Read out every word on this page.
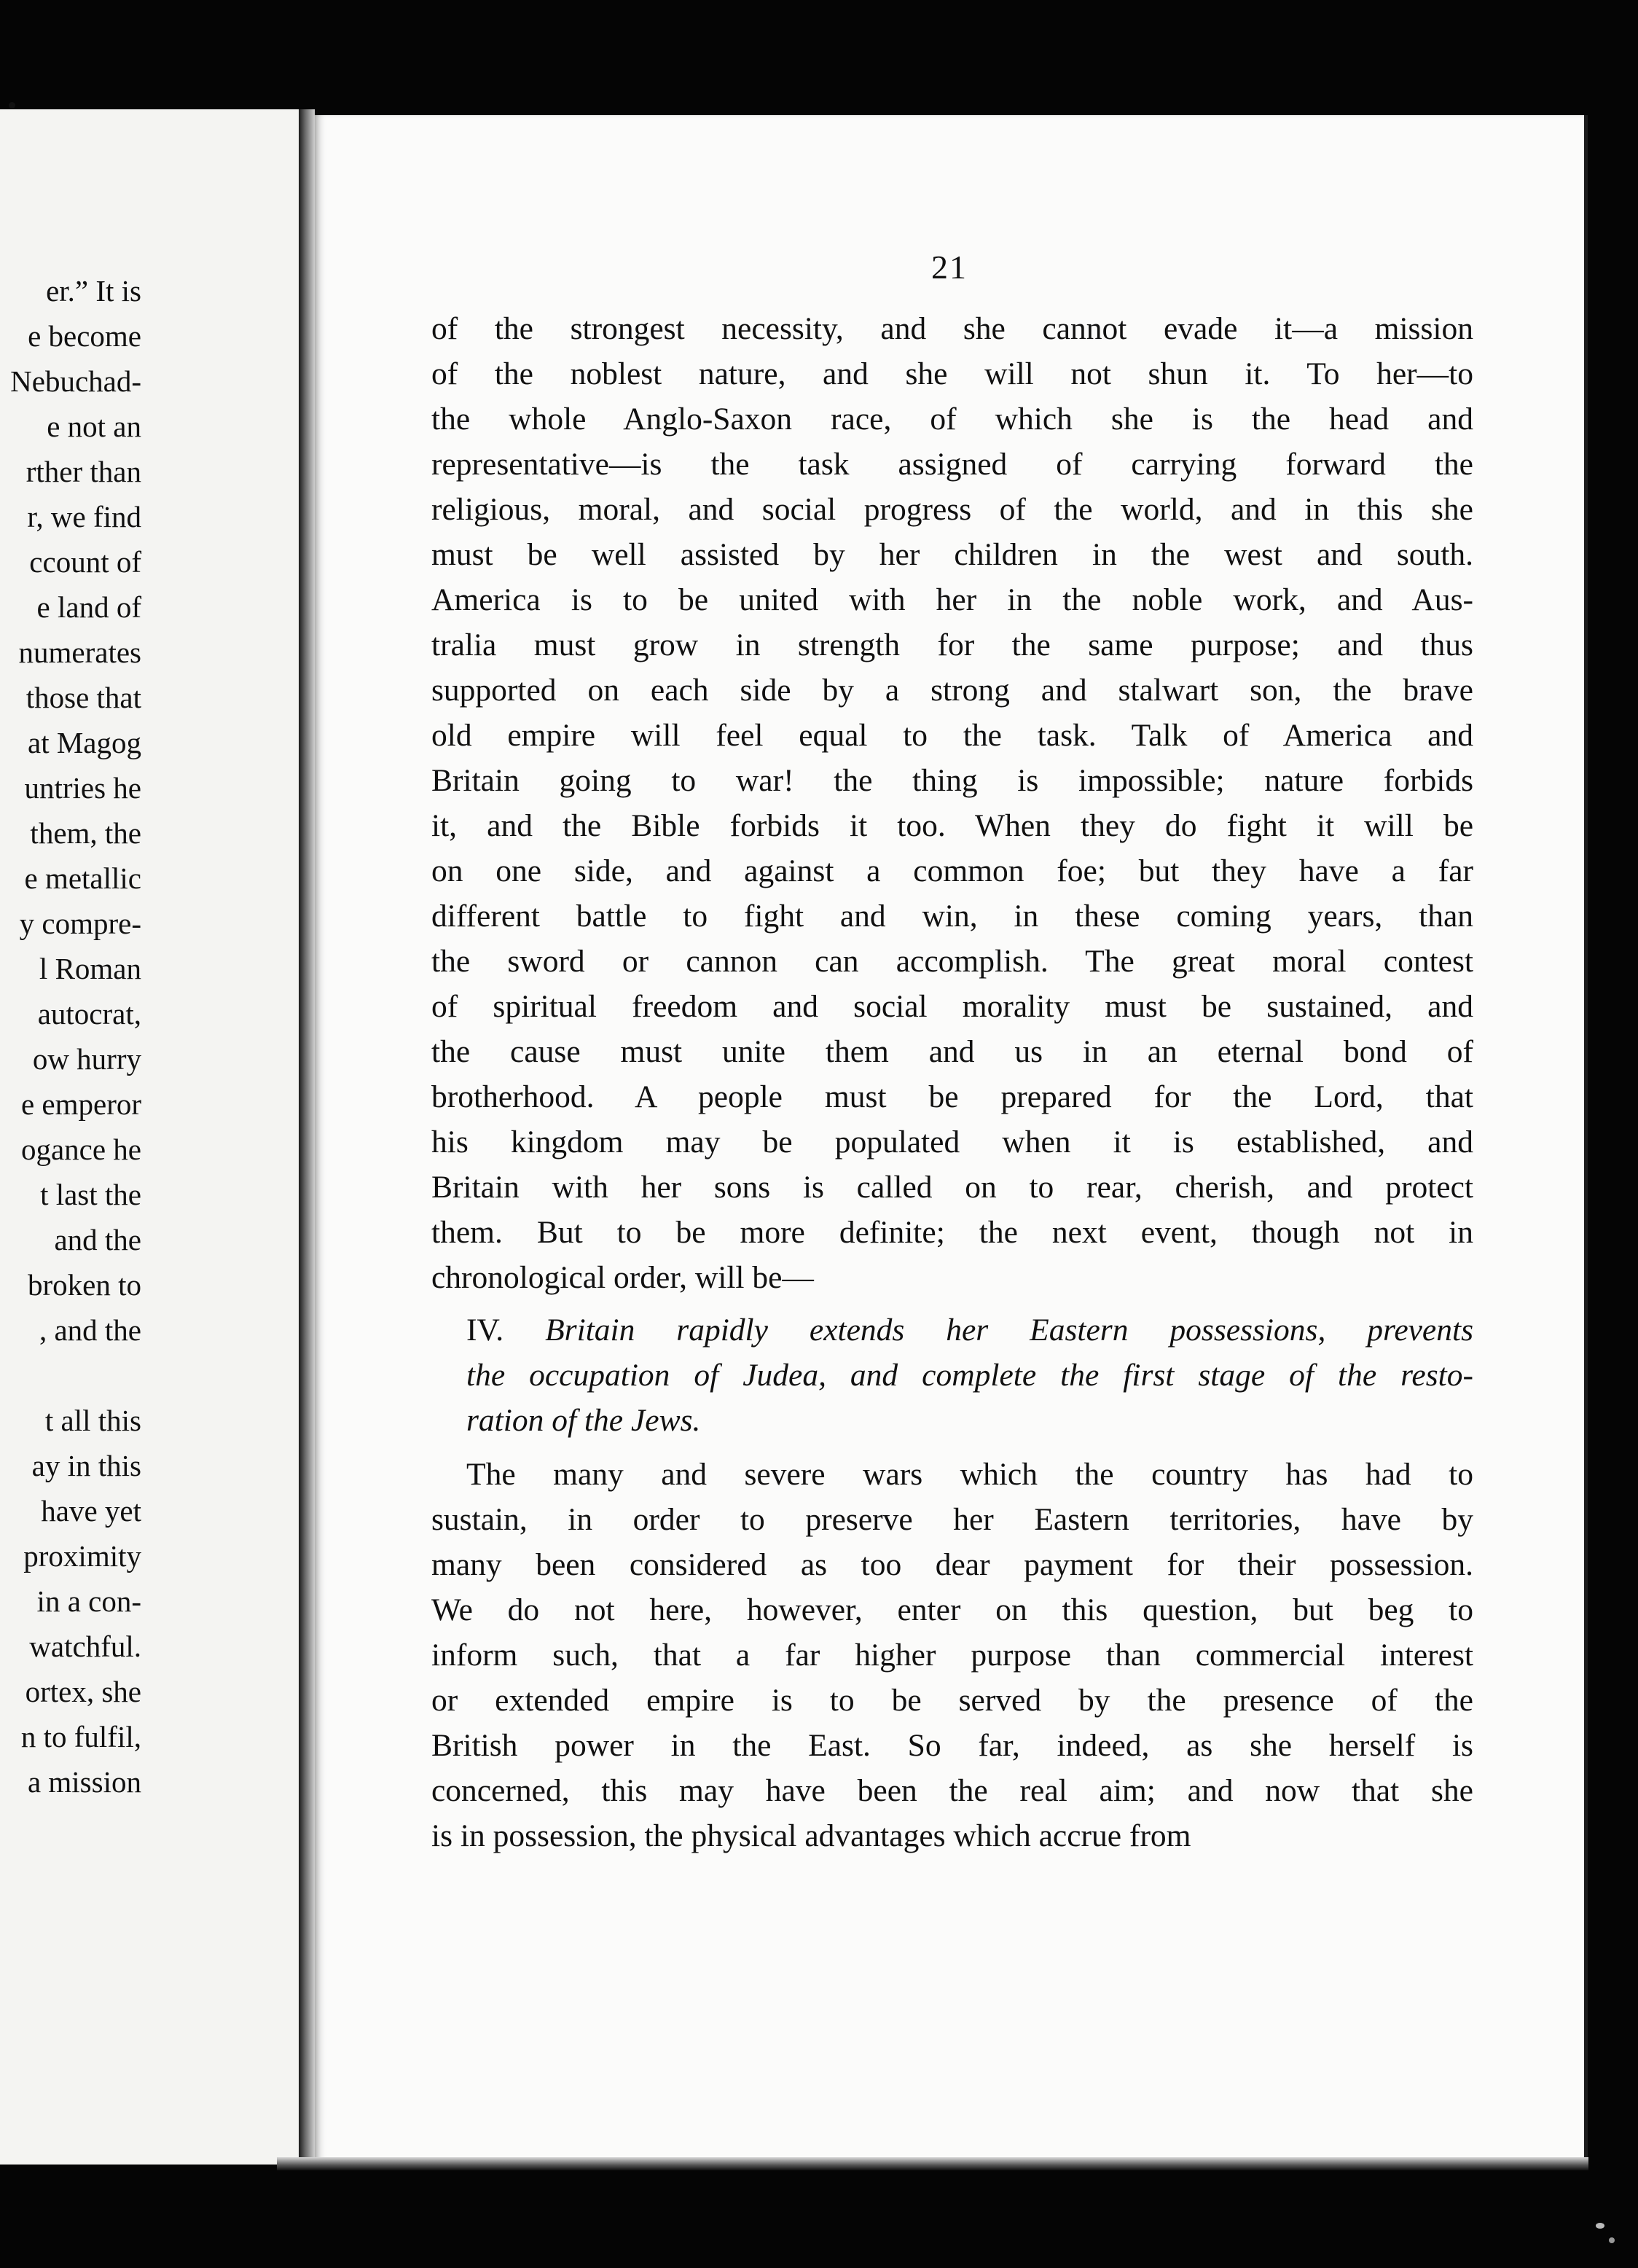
er.” It is
e become
Nebuchad-
e not an
rther than
r, we find
ccount of
e land of
numerates
those that
at Magog
untries he
them, the
e metallic
y compre-
l Roman
autocrat,
ow hurry
e emperor
ogance he
t last the
and the
broken to
, and the
t all this
ay in this
have yet
proximity
in a con-
watchful.
ortex, she
n to fulfil,
a mission
21

of the strongest necessity, and she cannot evade it—a mission
of the noblest nature, and she will not shun it. To her—to
the whole Anglo-Saxon race, of which she is the head and
representative—is the task assigned of carrying forward the
religious, moral, and social progress of the world, and in this she
must be well assisted by her children in the west and south.
America is to be united with her in the noble work, and Aus-
tralia must grow in strength for the same purpose; and thus
supported on each side by a strong and stalwart son, the brave
old empire will feel equal to the task. Talk of America and
Britain going to war! the thing is impossible; nature forbids
it, and the Bible forbids it too. When they do fight it will be
on one side, and against a common foe; but they have a far
different battle to fight and win, in these coming years, than
the sword or cannon can accomplish. The great moral contest
of spiritual freedom and social morality must be sustained, and
the cause must unite them and us in an eternal bond of
brotherhood. A people must be prepared for the Lord, that
his kingdom may be populated when it is established, and
Britain with her sons is called on to rear, cherish, and protect
them. But to be more definite; the next event, though not in
chronological order, will be—

IV. Britain rapidly extends her Eastern possessions, prevents
the occupation of Judea, and complete the first stage of the resto-
ration of the Jews.

The many and severe wars which the country has had to
sustain, in order to preserve her Eastern territories, have by
many been considered as too dear payment for their possession.
We do not here, however, enter on this question, but beg to
inform such, that a far higher purpose than commercial interest
or extended empire is to be served by the presence of the
British power in the East. So far, indeed, as she herself is
concerned, this may have been the real aim; and now that she
is in possession, the physical advantages which accrue from
